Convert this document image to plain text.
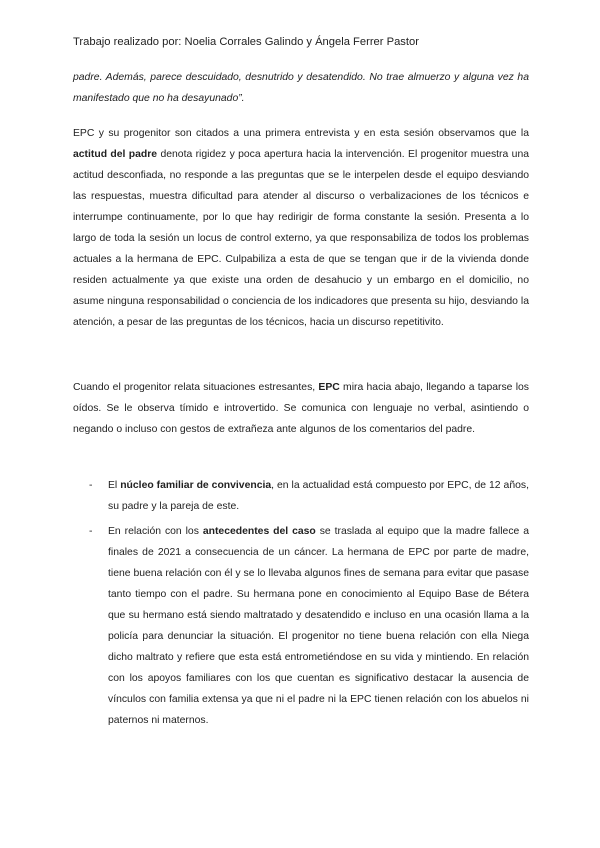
Trabajo realizado por: Noelia Corrales Galindo y Ángela Ferrer Pastor
padre. Además, parece descuidado, desnutrido y desatendido. No trae almuerzo y alguna vez ha manifestado que no ha desayunado”.
EPC y su progenitor son citados a una primera entrevista y en esta sesión observamos que la actitud del padre denota rigidez y poca apertura hacia la intervención. El progenitor muestra una actitud desconfiada, no responde a las preguntas que se le interpelen desde el equipo desviando las respuestas, muestra dificultad para atender al discurso o verbalizaciones de los técnicos e interrumpe continuamente, por lo que hay redirigir de forma constante la sesión. Presenta a lo largo de toda la sesión un locus de control externo, ya que responsabiliza de todos los problemas actuales a la hermana de EPC. Culpabiliza a esta de que se tengan que ir de la vivienda donde residen actualmente ya que existe una orden de desahucio y un embargo en el domicilio, no asume ninguna responsabilidad o conciencia de los indicadores que presenta su hijo, desviando la atención, a pesar de las preguntas de los técnicos, hacia un discurso repetitivito.
Cuando el progenitor relata situaciones estresantes, EPC mira hacia abajo, llegando a taparse los oídos. Se le observa tímido e introvertido. Se comunica con lenguaje no verbal, asintiendo o negando o incluso con gestos de extrañeza ante algunos de los comentarios del padre.
- El núcleo familiar de convivencia, en la actualidad está compuesto por EPC, de 12 años, su padre y la pareja de este.
- En relación con los antecedentes del caso se traslada al equipo que la madre fallece a finales de 2021 a consecuencia de un cáncer. La hermana de EPC por parte de madre, tiene buena relación con él y se lo llevaba algunos fines de semana para evitar que pasase tanto tiempo con el padre. Su hermana pone en conocimiento al Equipo Base de Bétera que su hermano está siendo maltratado y desatendido e incluso en una ocasión llama a la policía para denunciar la situación. El progenitor no tiene buena relación con ella Niega dicho maltrato y refiere que esta está entrometiéndose en su vida y mintiendo. En relación con los apoyos familiares con los que cuentan es significativo destacar la ausencia de vínculos con familia extensa ya que ni el padre ni la EPC tienen relación con los abuelos ni paternos ni maternos.
